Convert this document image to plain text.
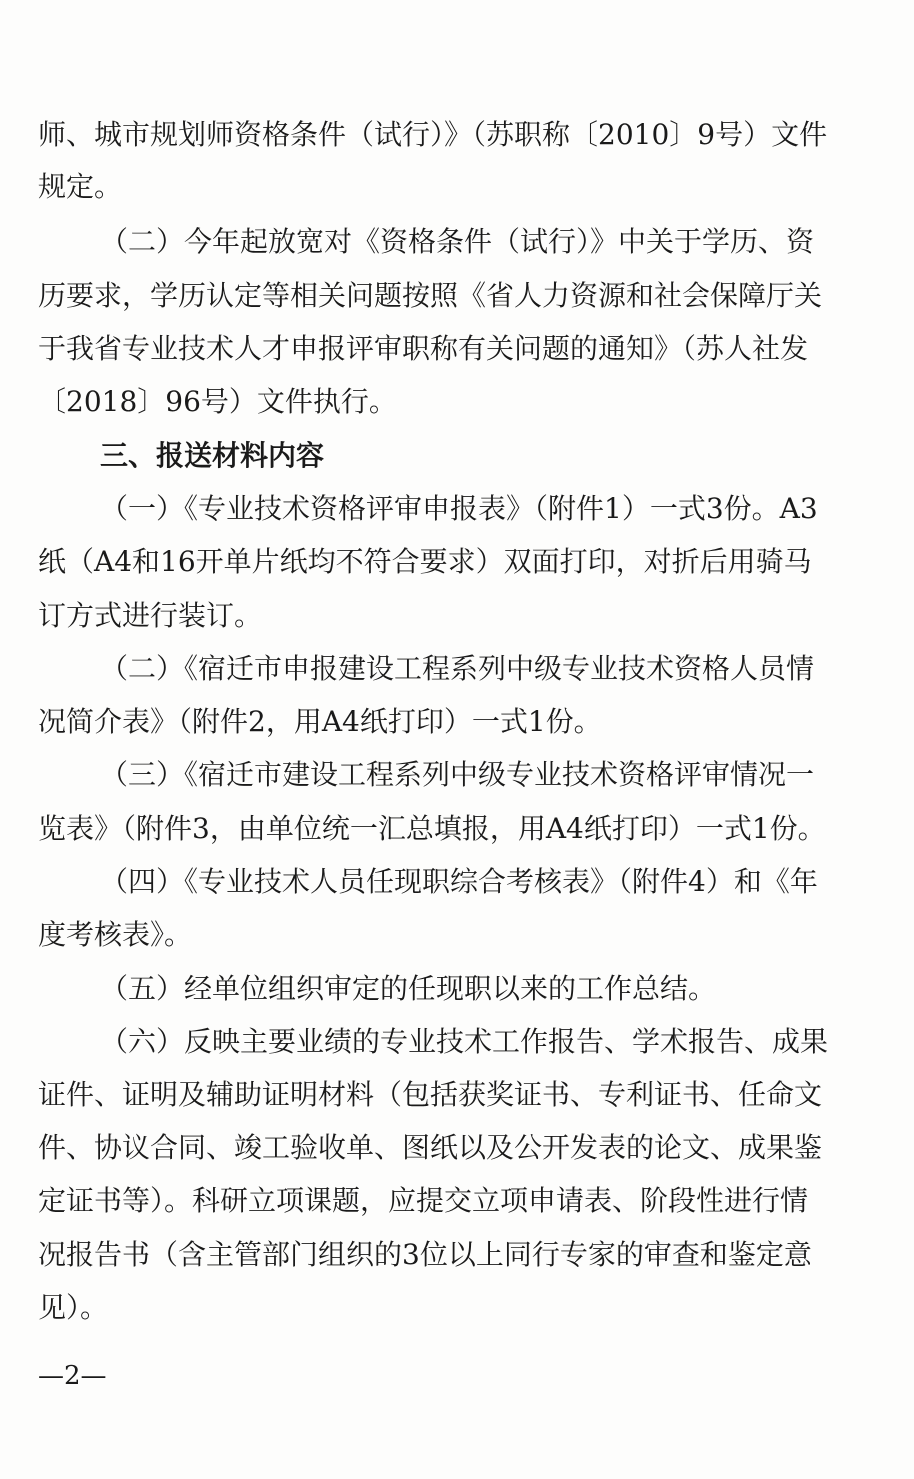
师、城市规划师资格条件（试行）》（苏职称〔2010〕9号）文件
规定。
（二）今年起放宽对《资格条件（试行）》中关于学历、资
历要求，学历认定等相关问题按照《省人力资源和社会保障厅关
于我省专业技术人才申报评审职称有关问题的通知》（苏人社发
〔2018〕96号）文件执行。
三、报送材料内容
（一）《专业技术资格评审申报表》（附件1）一式3份。A3
纸（A4和16开单片纸均不符合要求）双面打印，对折后用骑马
订方式进行装订。
（二）《宿迁市申报建设工程系列中级专业技术资格人员情
况简介表》（附件2，用A4纸打印）一式1份。
（三）《宿迁市建设工程系列中级专业技术资格评审情况一
览表》（附件3，由单位统一汇总填报，用A4纸打印）一式1份。
（四）《专业技术人员任现职综合考核表》（附件4）和《年
度考核表》。
（五）经单位组织审定的任现职以来的工作总结。
（六）反映主要业绩的专业技术工作报告、学术报告、成果
证件、证明及辅助证明材料（包括获奖证书、专利证书、任命文
件、协议合同、竣工验收单、图纸以及公开发表的论文、成果鉴
定证书等）。科研立项课题，应提交立项申请表、阶段性进行情
况报告书（含主管部门组织的3位以上同行专家的审查和鉴定意
见）。
—2—
